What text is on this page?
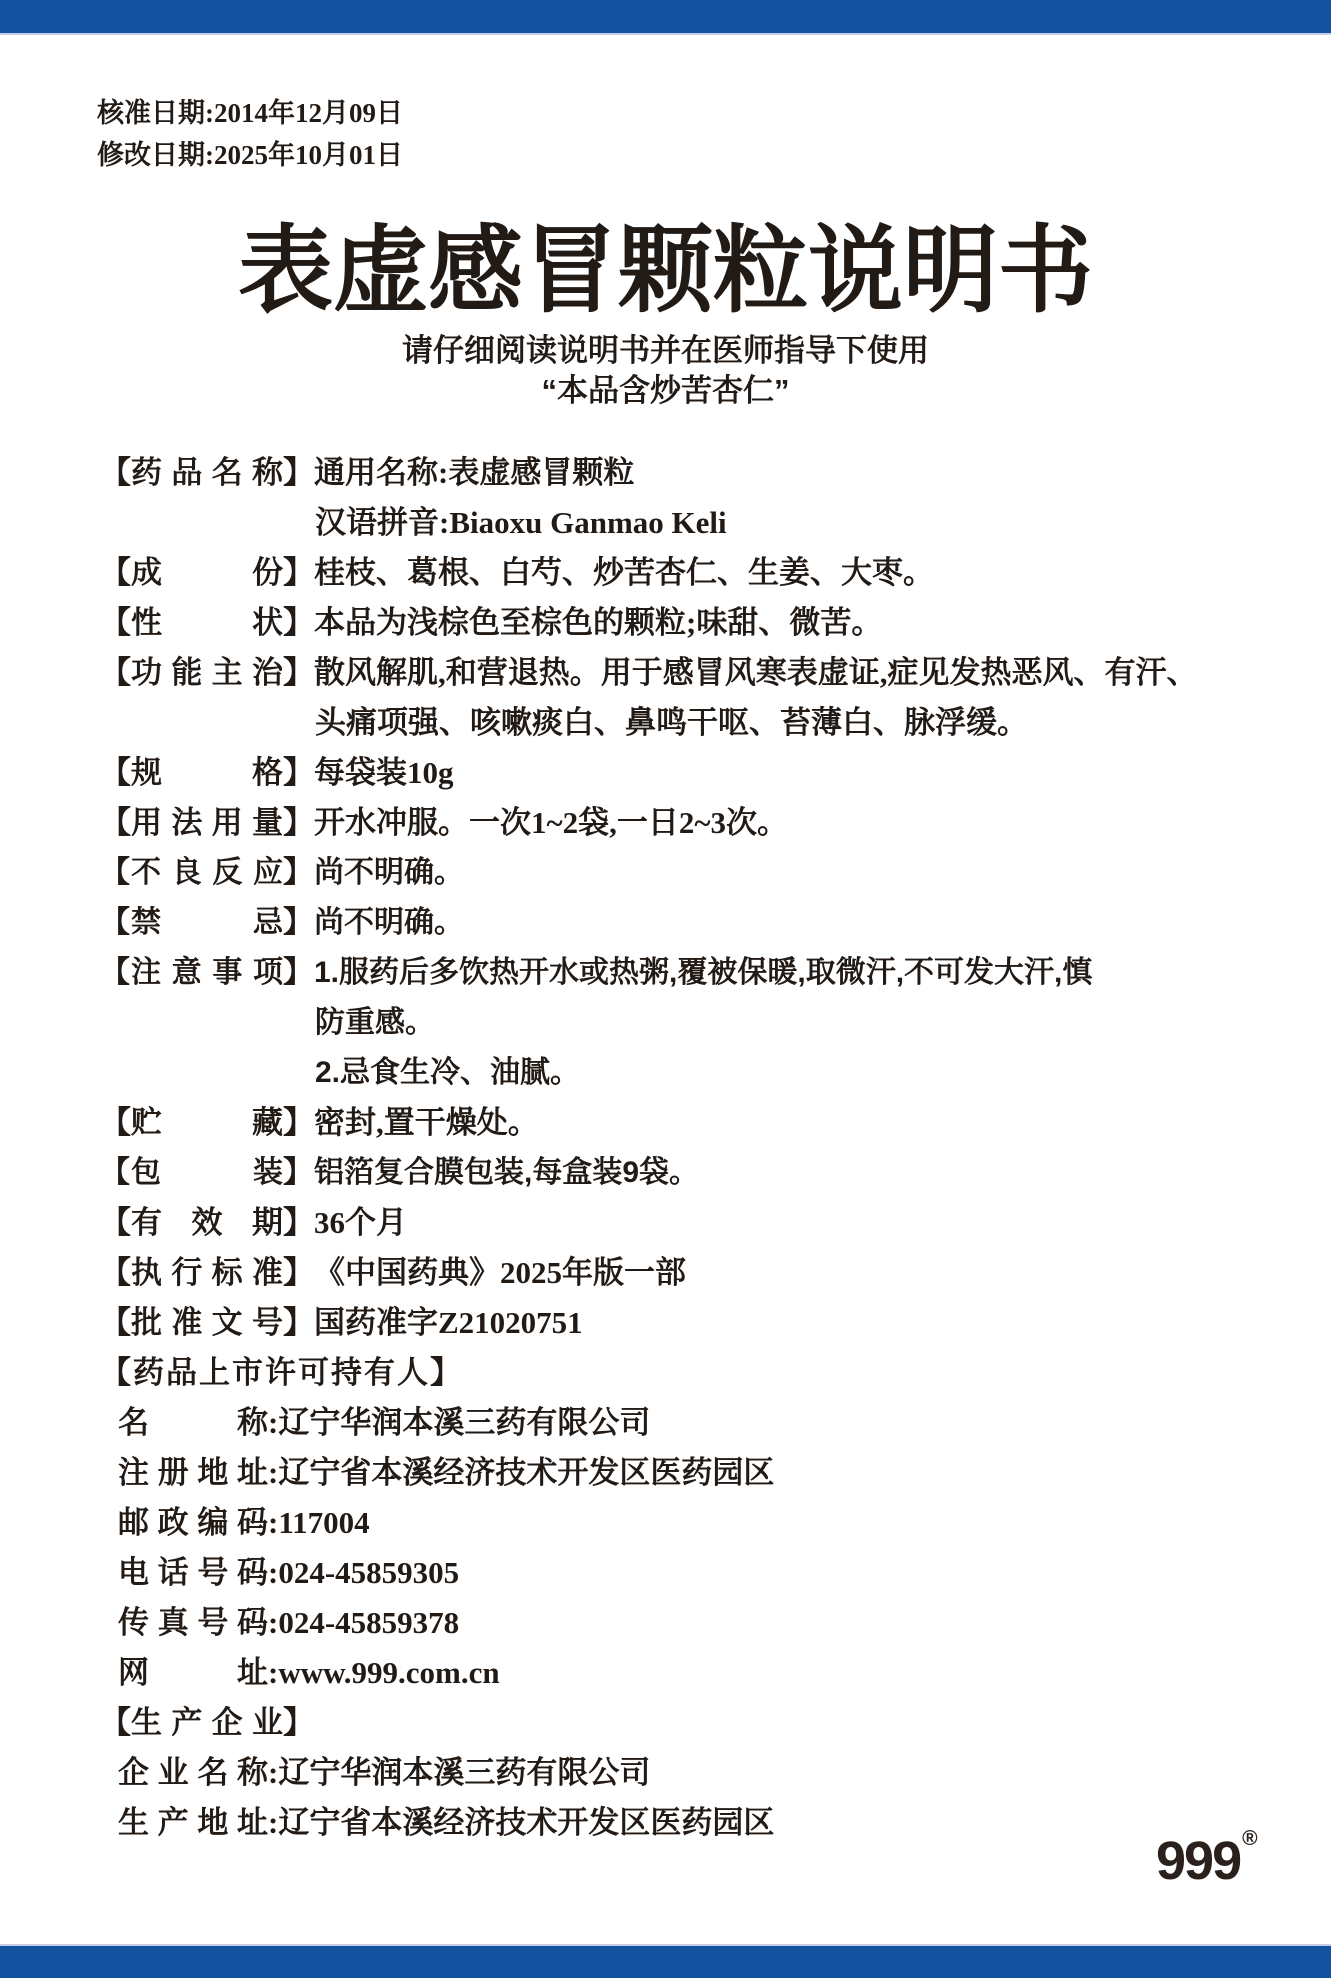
核准日期:2014年12月09日
修改日期:2025年10月01日
表虚感冒颗粒说明书
请仔细阅读说明书并在医师指导下使用
“本品含炒苦杏仁”
【 药 品 名 称 】通用名称:表虚感冒颗粒
汉语拼音:Biaoxu Ganmao Keli
【 成	份 】桂枝、葛根、白芍、炒苦杏仁、生姜、大枣。
【 性	状 】本品为浅棕色至棕色的颗粒;味甜、微苦。
【 功 能 主 治 】散风解肌,和营退热。用于感冒风寒表虚证,症见发热恶风、有汗、
头痛项强、咳嗽痰白、鼻鸣干呕、苔薄白、脉浮缓。
【 规	格 】每袋装10g
【 用 法 用 量 】开水冲服。一次1~2袋,一日2~3次。
【 不 良 反 应 】尚不明确。
【 禁	忌 】尚不明确。
【 注 意 事 项 】1.服药后多饮热开水或热粥,覆被保暖,取微汗,不可发大汗,慎
防重感。
2.忌食生冷、油腻。
【 贮	藏 】密封,置干燥处。
【 包	装 】铝箔复合膜包装,每盒装9袋。
【 有 效 期 】36个月
【 执 行 标 准 】《中国药典》2025年版一部
【 批 准 文 号 】国药准字Z21020751
【药品上市许可持有人】
名	称 :辽宁华润本溪三药有限公司
注 册 地 址 :辽宁省本溪经济技术开发区医药园区
邮 政 编 码 :117004
电 话 号 码 :024-45859305
传 真 号 码 :024-45859378
网	址 :www.999.com.cn
【 生 产 企 业 】
企 业 名 称 :辽宁华润本溪三药有限公司
生 产 地 址 :辽宁省本溪经济技术开发区医药园区
999®
